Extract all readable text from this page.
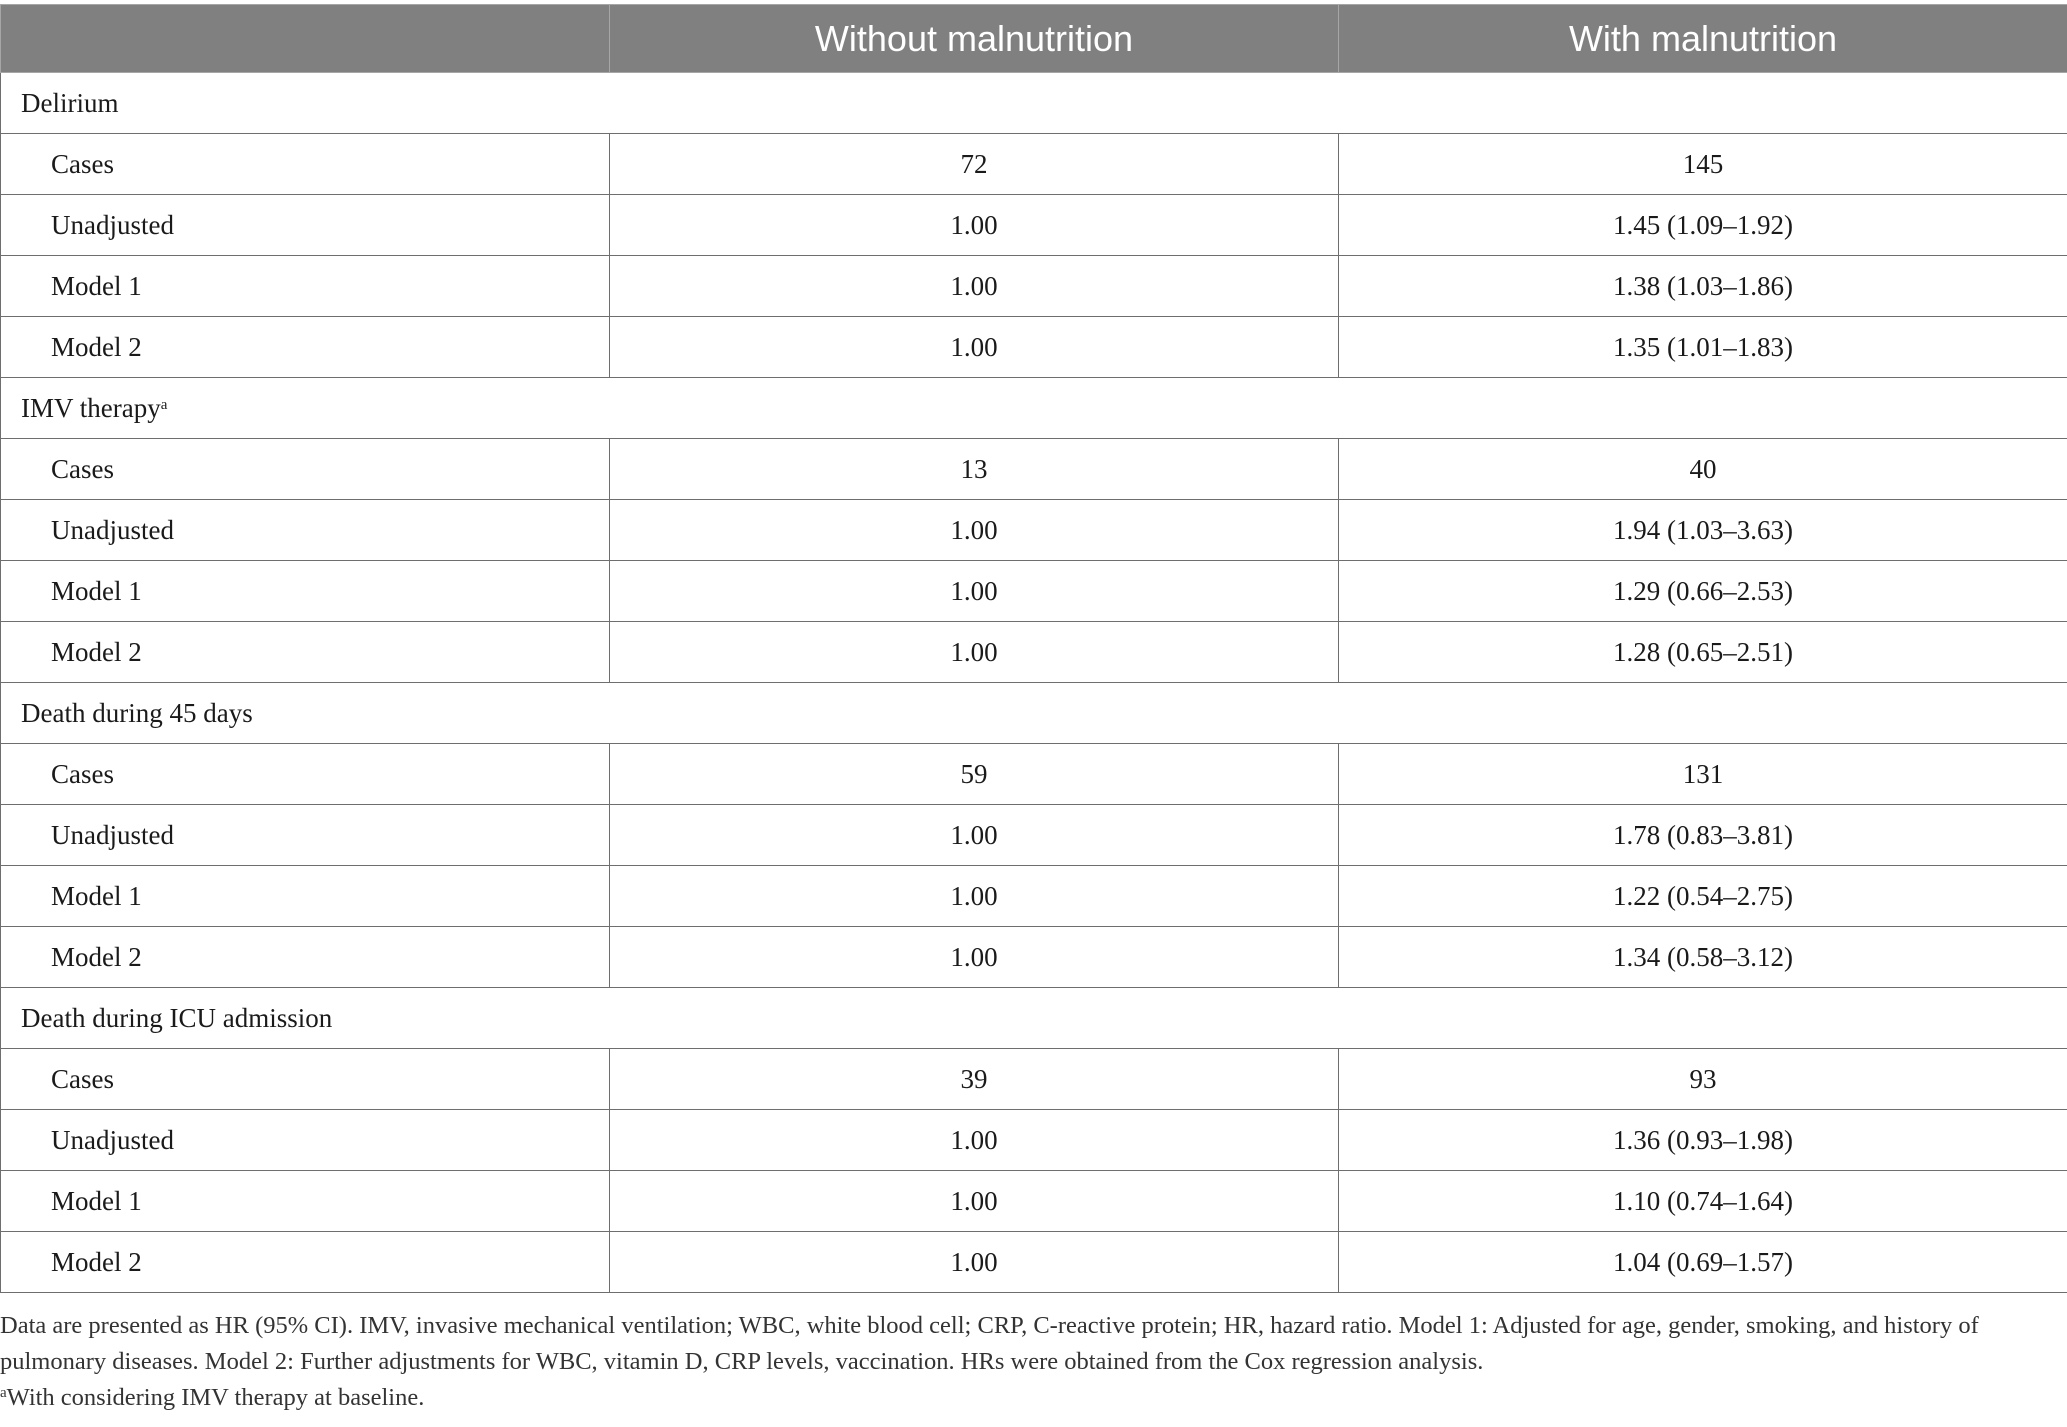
	Without malnutrition	With malnutrition
Delirium		
Cases	72	145
Unadjusted	1.00	1.45 (1.09–1.92)
Model 1	1.00	1.38 (1.03–1.86)
Model 2	1.00	1.35 (1.01–1.83)
IMV therapy$^a$
Cases	13	40
Unadjusted	1.00	1.94 (1.03–3.63)
Model 1	1.00	1.29 (0.66–2.53)
Model 2	1.00	1.28 (0.65–2.51)
Death during 45 days		
Cases	59	131
Unadjusted	1.00	1.78 (0.83–3.81)
Model 1	1.00	1.22 (0.54–2.75)
Model 2	1.00	1.34 (0.58–3.12)
Death during ICU admission		
Cases	39	93
Unadjusted	1.00	1.36 (0.93–1.98)
Model 1	1.00	1.10 (0.74–1.64)
Model 2	1.00	1.04 (0.69–1.57)

Data are presented as HR (95% CI). IMV, invasive mechanical ventilation; WBC, white blood cell; CRP, C-reactive protein; HR, hazard ratio. Model 1: Adjusted for age, gender, smoking, and history of pulmonary diseases. Model 2: Further adjustments for WBC, vitamin D, CRP levels, vaccination. HRs were obtained from the Cox regression analysis.

$^a$With considering IMV therapy at baseline.
